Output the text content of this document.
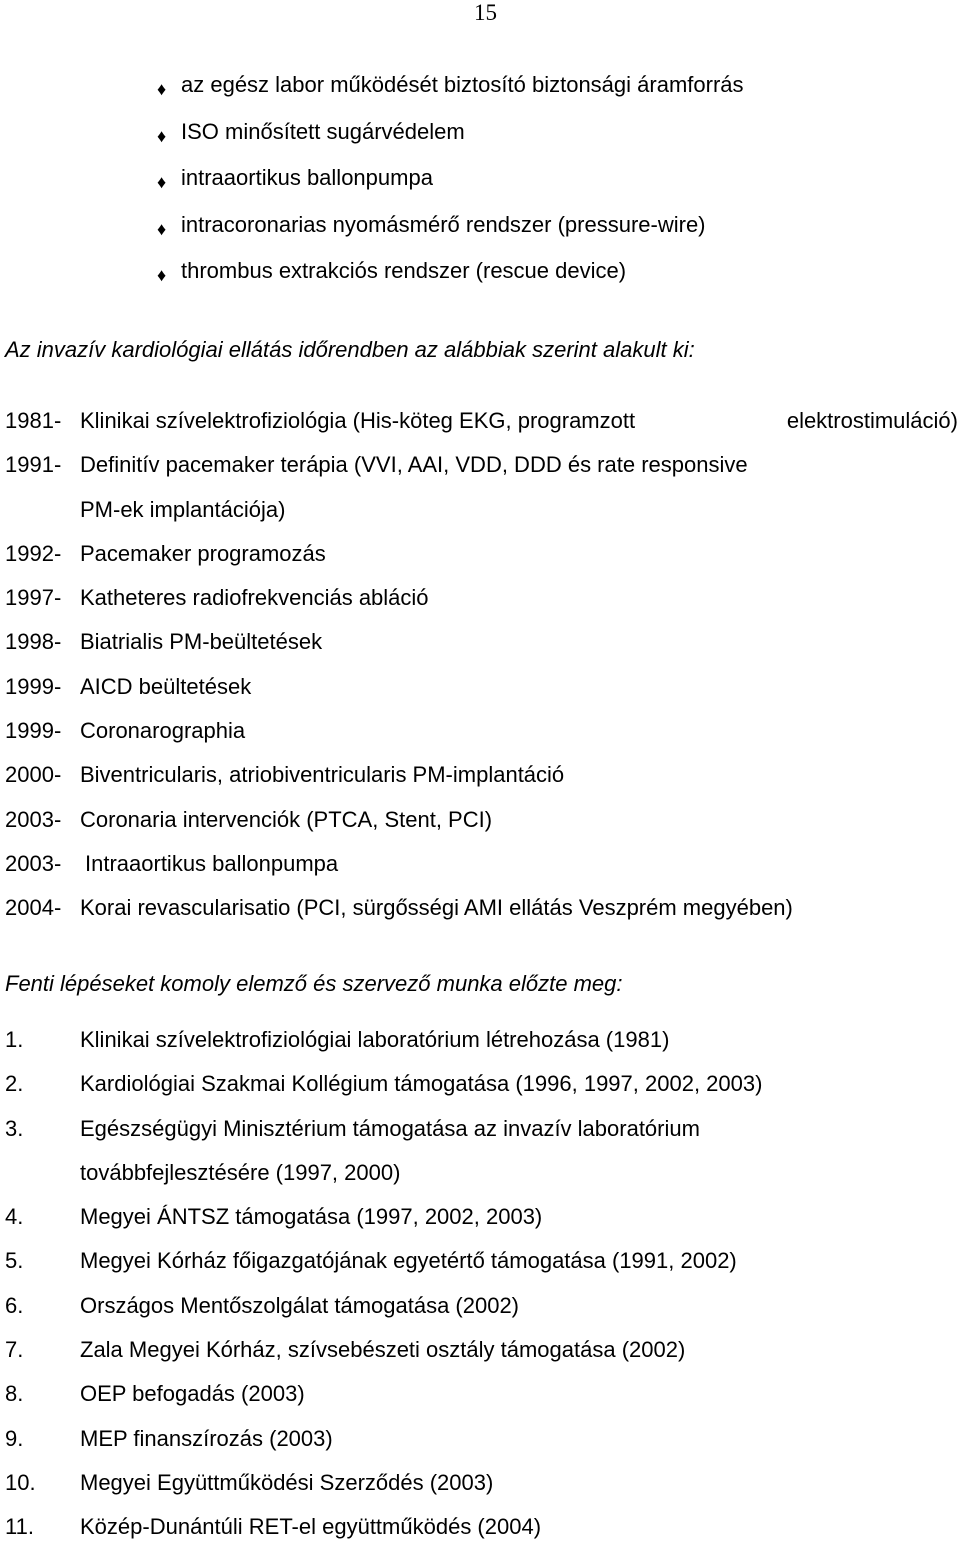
15
♦ az egész labor működését biztosító biztonsági áramforrás
♦ ISO minősített sugárvédelem
♦ intraaortikus ballonpumpa
♦ intracoronarias nyomásmérő rendszer (pressure-wire)
♦ thrombus extrakciós rendszer (rescue device)
Az invazív kardiológiai ellátás időrendben az alábbiak szerint alakult ki:
1981- Klinikai szívelektrofiziológia (His-köteg EKG, programzott	elektrostimuláció)
1991- Definitív pacemaker terápia (VVI, AAI, VDD, DDD és rate responsive
PM-ek implantációja)
1992- Pacemaker programozás
1997- Katheteres radiofrekvenciás abláció
1998- Biatrialis PM-beültetések
1999- AICD beültetések
1999- Coronarographia
2000- Biventricularis, atriobiventricularis PM-implantáció
2003- Coronaria intervenciók (PTCA, Stent, PCI)
2003- Intraaortikus ballonpumpa
2004- Korai revascularisatio (PCI, sürgősségi AMI ellátás Veszprém megyében)
Fenti lépéseket komoly elemző és szervező munka előzte meg:
1.	Klinikai szívelektrofiziológiai laboratórium létrehozása (1981)
2.	Kardiológiai Szakmai Kollégium támogatása (1996, 1997, 2002, 2003)
3.	Egészségügyi Minisztérium támogatása az invazív laboratórium
továbbfejlesztésére (1997, 2000)
4.	Megyei ÁNTSZ támogatása (1997, 2002, 2003)
5.	Megyei Kórház főigazgatójának egyetértő támogatása (1991, 2002)
6.	Országos Mentőszolgálat támogatása (2002)
7.	Zala Megyei Kórház, szívsebészeti osztály támogatása (2002)
8.	OEP befogadás (2003)
9.	MEP finanszírozás (2003)
10. Megyei Együttműködési Szerződés (2003)
11. Közép-Dunántúli RET-el együttműködés (2004)
